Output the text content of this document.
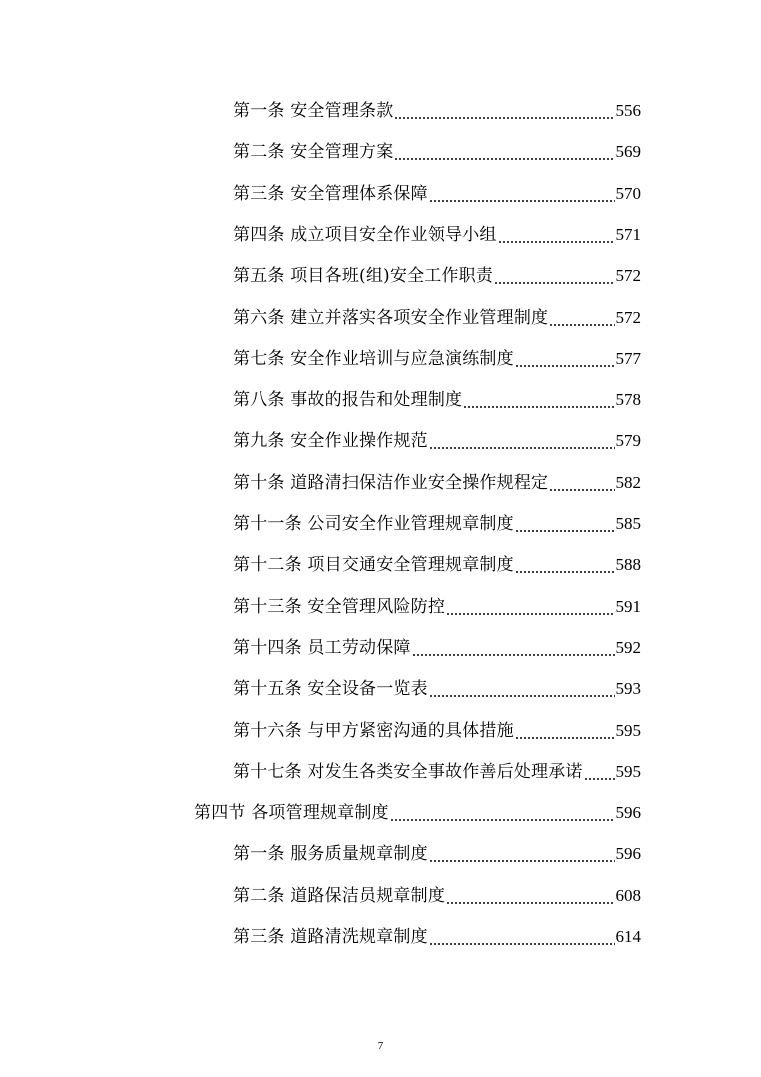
第一条 安全管理条款	556
第二条 安全管理方案	569
第三条 安全管理体系保障	570
第四条 成立项目安全作业领导小组	571
第五条 项目各班(组)安全工作职责	572
第六条 建立并落实各项安全作业管理制度	572
第七条 安全作业培训与应急演练制度	577
第八条 事故的报告和处理制度	578
第九条 安全作业操作规范	579
第十条 道路清扫保洁作业安全操作规程定	582
第十一条 公司安全作业管理规章制度	585
第十二条 项目交通安全管理规章制度	588
第十三条 安全管理风险防控	591
第十四条 员工劳动保障	592
第十五条 安全设备一览表	593
第十六条 与甲方紧密沟通的具体措施	595
第十七条 对发生各类安全事故作善后处理承诺 595
第四节 各项管理规章制度	596
第一条 服务质量规章制度	596
第二条 道路保洁员规章制度	608
第三条 道路清洗规章制度	614
7
